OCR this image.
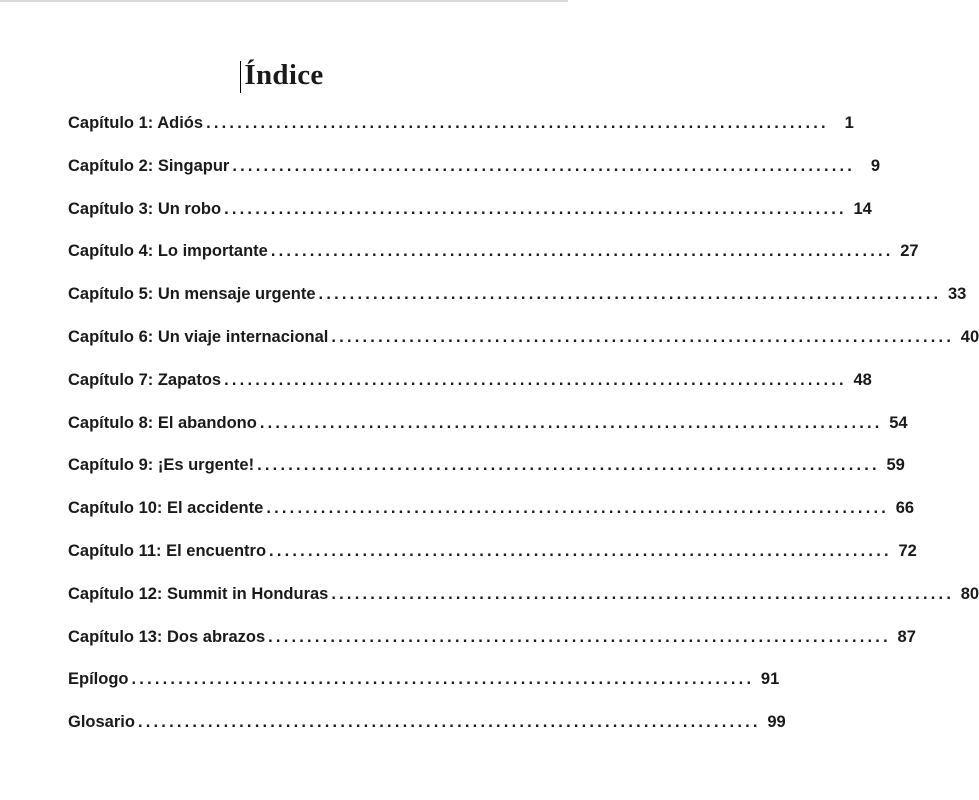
Índice
Capítulo 1: Adiós ................................................................................ 1
Capítulo 2: Singapur ................................................................................ 9
Capítulo 3: Un robo ................................................................................ 14
Capítulo 4: Lo importante ................................................................................ 27
Capítulo 5: Un mensaje urgente ................................................................................ 33
Capítulo 6: Un viaje internacional ................................................................................ 40
Capítulo 7: Zapatos ................................................................................ 48
Capítulo 8: El abandono ................................................................................ 54
Capítulo 9: ¡Es urgente! ................................................................................ 59
Capítulo 10: El accidente ................................................................................ 66
Capítulo 11: El encuentro ................................................................................ 72
Capítulo 12: Summit in Honduras ................................................................................ 80
Capítulo 13: Dos abrazos ................................................................................ 87
Epílogo ................................................................................ 91
Glosario ................................................................................ 99
